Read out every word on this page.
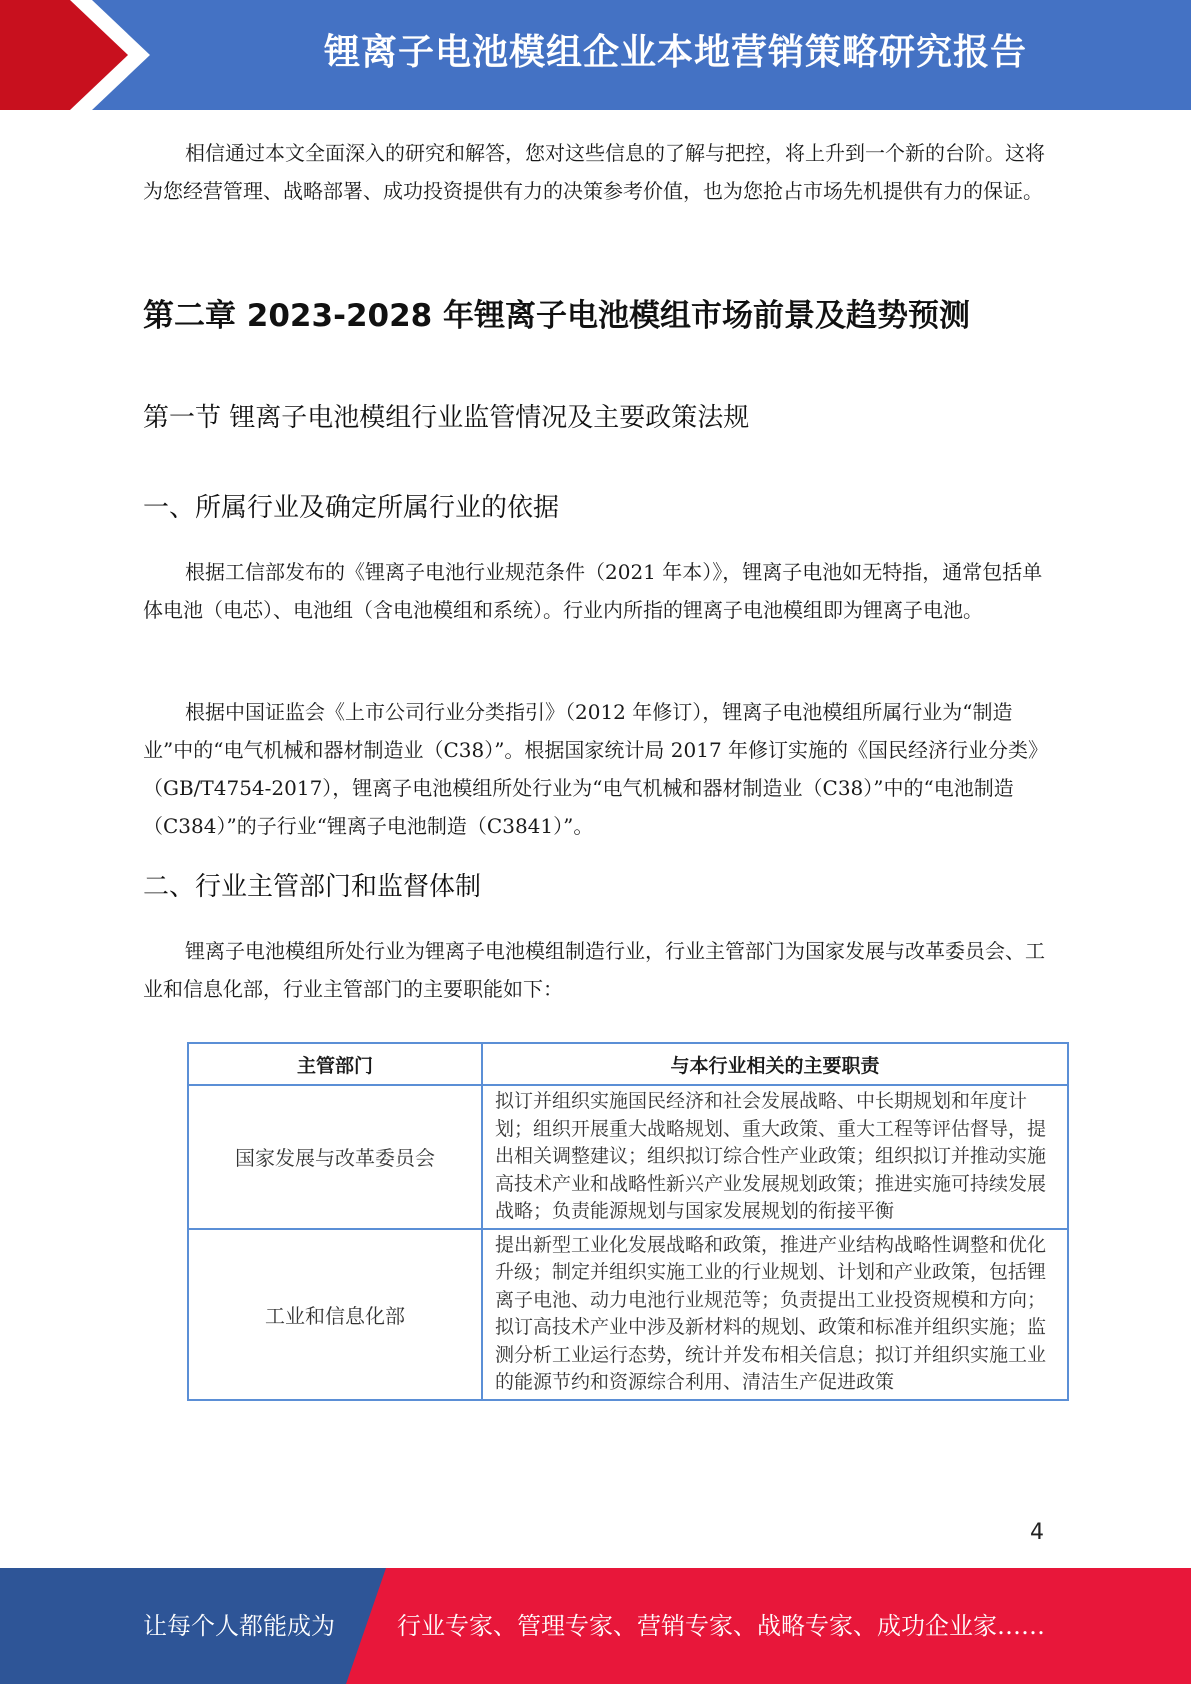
锂离子电池模组企业本地营销策略研究报告
相信通过本文全面深入的研究和解答，您对这些信息的了解与把控，将上升到一个新的台阶。这将为您经营管理、战略部署、成功投资提供有力的决策参考价值，也为您抢占市场先机提供有力的保证。
第二章 2023-2028 年锂离子电池模组市场前景及趋势预测
第一节 锂离子电池模组行业监管情况及主要政策法规
一、所属行业及确定所属行业的依据
根据工信部发布的《锂离子电池行业规范条件（2021 年本）》，锂离子电池如无特指，通常包括单体电池（电芯）、电池组（含电池模组和系统）。行业内所指的锂离子电池模组即为锂离子电池。
根据中国证监会《上市公司行业分类指引》（2012 年修订），锂离子电池模组所属行业为“制造业”中的“电气机械和器材制造业（C38）”。根据国家统计局 2017 年修订实施的《国民经济行业分类》（GB/T4754-2017），锂离子电池模组所处行业为“电气机械和器材制造业（C38）”中的“电池制造（C384）”的子行业“锂离子电池制造（C3841）”。
二、行业主管部门和监督体制
锂离子电池模组所处行业为锂离子电池模组制造行业，行业主管部门为国家发展与改革委员会、工业和信息化部，行业主管部门的主要职能如下：
主管部门	与本行业相关的主要职责
国家发展与改革委员会	拟订并组织实施国民经济和社会发展战略、中长期规划和年度计划；组织开展重大战略规划、重大政策、重大工程等评估督导，提出相关调整建议；组织拟订综合性产业政策；组织拟订并推动实施高技术产业和战略性新兴产业发展规划政策；推进实施可持续发展战略；负责能源规划与国家发展规划的衔接平衡
工业和信息化部	提出新型工业化发展战略和政策，推进产业结构战略性调整和优化升级；制定并组织实施工业的行业规划、计划和产业政策，包括锂离子电池、动力电池行业规范等；负责提出工业投资规模和方向；拟订高技术产业中涉及新材料的规划、政策和标准并组织实施；监测分析工业运行态势，统计并发布相关信息；拟订并组织实施工业的能源节约和资源综合利用、清洁生产促进政策
4
让每个人都能成为	行业专家、管理专家、营销专家、战略专家、成功企业家……
